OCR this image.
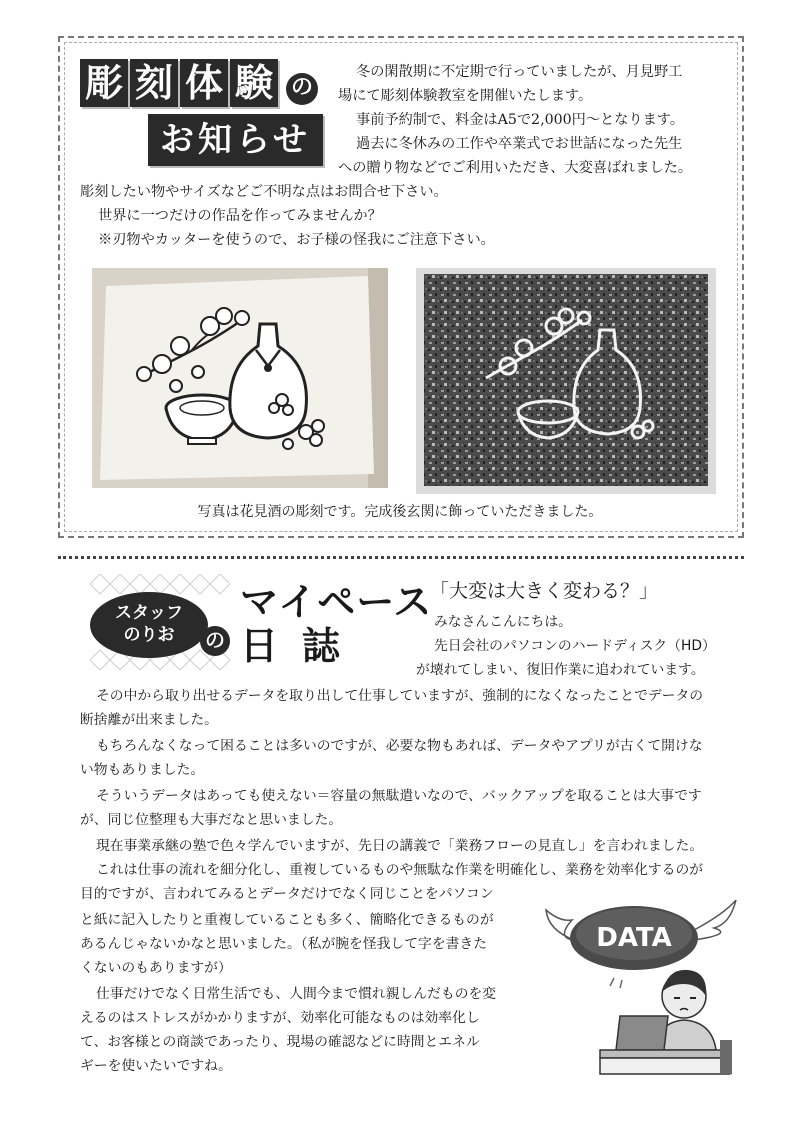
彫 刻 体 験 の
お知らせ
冬の閑散期に不定期で行っていましたが、月見野工
場にて彫刻体験教室を開催いたします。
事前予約制で、料金はA5で2,000円～となります。
過去に冬休みの工作や卒業式でお世話になった先生
への贈り物などでご利用いただき、大変喜ばれました。
彫刻したい物やサイズなどご不明な点はお問合せ下さい。
世界に一つだけの作品を作ってみませんか？
※刃物やカッターを使うので、お子様の怪我にご注意下さい。
写真は花見酒の彫刻です。完成後玄関に飾っていただきました。
スタッフ
のりお	の
マイペース
日誌
「大変は大きく変わる？」
みなさんこんにちは。
先日会社のパソコンのハードディスク（HD）
が壊れてしまい、復旧作業に追われています。
その中から取り出せるデータを取り出して仕事していますが、強制的になくなったことでデータの
断捨離が出来ました。
もちろんなくなって困ることは多いのですが、必要な物もあれば、データやアプリが古くて開けな
い物もありました。
そういうデータはあっても使えない＝容量の無駄遣いなので、バックアップを取ることは大事です
が、同じ位整理も大事だなと思いました。
現在事業承継の塾で色々学んでいますが、先日の講義で「業務フローの見直し」を言われました。
これは仕事の流れを細分化し、重複しているものや無駄な作業を明確化し、業務を効率化するのが
目的ですが、言われてみるとデータだけでなく同じことをパソコン
と紙に記入したりと重複していることも多く、簡略化できるものが
あるんじゃないかなと思いました。（私が腕を怪我して字を書きた
くないのもありますが）
仕事だけでなく日常生活でも、人間今まで慣れ親しんだものを変
えるのはストレスがかかりますが、効率化可能なものは効率化し
て、お客様との商談であったり、現場の確認などに時間とエネル
ギーを使いたいですね。
DATA
